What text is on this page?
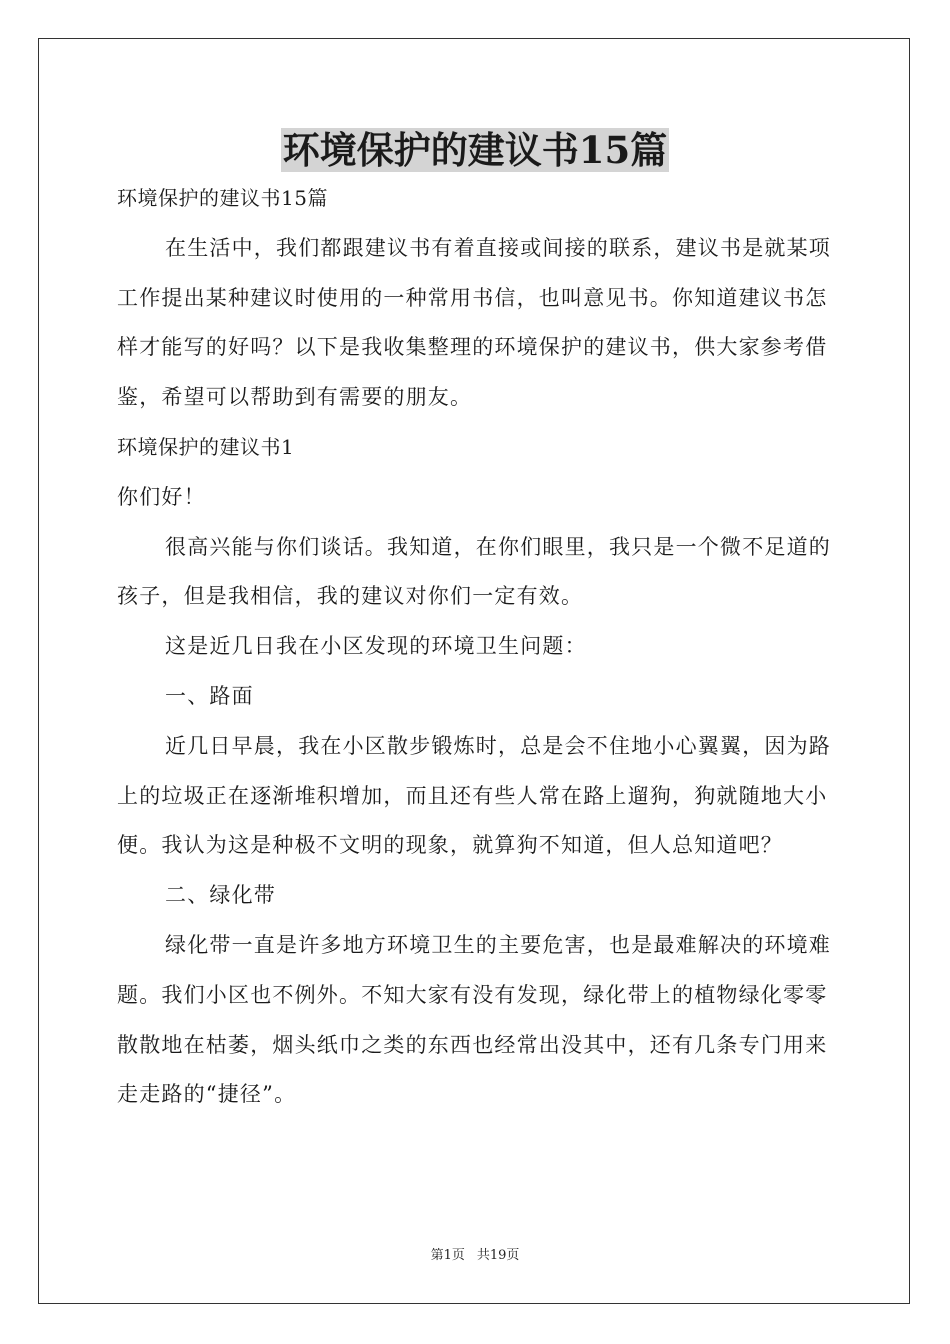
环境保护的建议书15篇

环境保护的建议书15篇

在生活中，我们都跟建议书有着直接或间接的联系，建议书是就某项工作提出某种建议时使用的一种常用书信，也叫意见书。你知道建议书怎样才能写的好吗？以下是我收集整理的环境保护的建议书，供大家参考借鉴，希望可以帮助到有需要的朋友。

环境保护的建议书1

你们好！

很高兴能与你们谈话。我知道，在你们眼里，我只是一个微不足道的孩子，但是我相信，我的建议对你们一定有效。

这是近几日我在小区发现的环境卫生问题：

一、路面

近几日早晨，我在小区散步锻炼时，总是会不住地小心翼翼，因为路上的垃圾正在逐渐堆积增加，而且还有些人常在路上遛狗，狗就随地大小便。我认为这是种极不文明的现象，就算狗不知道，但人总知道吧？

二、绿化带

绿化带一直是许多地方环境卫生的主要危害，也是最难解决的环境难题。我们小区也不例外。不知大家有没有发现，绿化带上的植物绿化零零散散地在枯萎，烟头纸巾之类的东西也经常出没其中，还有几条专门用来走走路的“捷径”。

第1页 共19页
